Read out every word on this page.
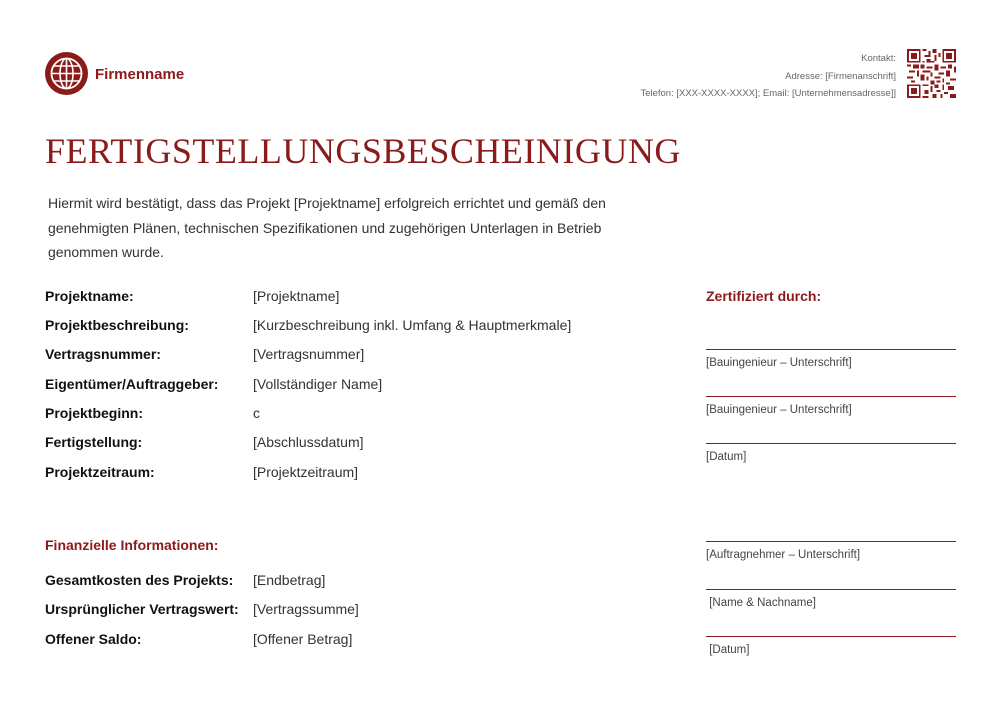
Firmenname
Kontakt:
Adresse: [Firmenanschrift]
Telefon: [XXX-XXXX-XXXX]; Email: [Unternehmensadresse]]
FERTIGSTELLUNGSBESCHEINIGUNG
Hiermit wird bestätigt, dass das Projekt [Projektname] erfolgreich errichtet und gemäß den genehmigten Plänen, technischen Spezifikationen und zugehörigen Unterlagen in Betrieb genommen wurde.
Projektname:	[Projektname]
Projektbeschreibung:	[Kurzbeschreibung inkl. Umfang & Hauptmerkmale]
Vertragsnummer:	[Vertragsnummer]
Eigentümer/Auftraggeber: [Vollständiger Name]
Projektbeginn:	c
Fertigstellung:	[Abschlussdatum]
Projektzeitraum:	[Projektzeitraum]
Finanzielle Informationen:
Gesamtkosten des Projekts: [Endbetrag]
Ursprünglicher Vertragswert: [Vertragssumme]
Offener Saldo:	[Offener Betrag]
Zertifiziert durch:
[Bauingenieur – Unterschrift]
[Bauingenieur – Unterschrift]
[Datum]
[Auftragnehmer – Unterschrift]
[Name & Nachname]
[Datum]
